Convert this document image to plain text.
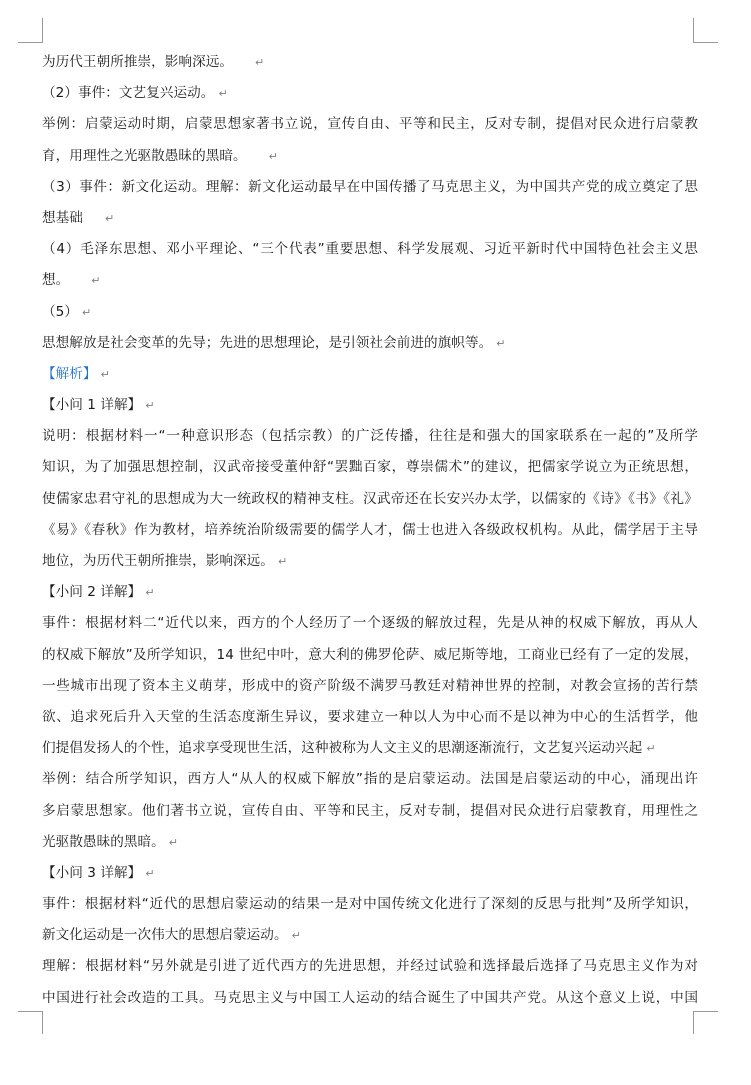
为历代王朝所推崇，影响深远。 ↵
（2）事件：文艺复兴运动。 ↵
举例：启蒙运动时期，启蒙思想家著书立说，宣传自由、平等和民主，反对专制，提倡对民众进行启蒙教
育，用理性之光驱散愚昧的黑暗。 ↵
（3）事件：新文化运动。理解：新文化运动最早在中国传播了马克思主义，为中国共产党的成立奠定了思
想基础 ↵
（4）毛泽东思想、邓小平理论、“三个代表”重要思想、科学发展观、习近平新时代中国特色社会主义思
想。 ↵
（5） ↵
思想解放是社会变革的先导；先进的思想理论，是引领社会前进的旗帜等。 ↵
【解析】 ↵
【小问 1 详解】 ↵
说明：根据材料一“一种意识形态（包括宗教）的广泛传播，往往是和强大的国家联系在一起的”及所学
知识，为了加强思想控制，汉武帝接受董仲舒“罢黜百家，尊崇儒术”的建议，把儒家学说立为正统思想，
使儒家忠君守礼的思想成为大一统政权的精神支柱。汉武帝还在长安兴办太学，以儒家的《诗》《书》《礼》
《易》《春秋》作为教材，培养统治阶级需要的儒学人才，儒士也进入各级政权机构。从此，儒学居于主导
地位，为历代王朝所推崇，影响深远。 ↵
【小问 2 详解】 ↵
事件：根据材料二“近代以来，西方的个人经历了一个逐级的解放过程，先是从神的权威下解放，再从人
的权威下解放”及所学知识，14 世纪中叶，意大利的佛罗伦萨、威尼斯等地，工商业已经有了一定的发展，
一些城市出现了资本主义萌芽，形成中的资产阶级不满罗马教廷对精神世界的控制，对教会宣扬的苦行禁
欲、追求死后升入天堂的生活态度渐生异议，要求建立一种以人为中心而不是以神为中心的生活哲学，他
们提倡发扬人的个性，追求享受现世生活，这种被称为人文主义的思潮逐渐流行，文艺复兴运动兴起 ↵
举例：结合所学知识，西方人“从人的权威下解放”指的是启蒙运动。法国是启蒙运动的中心，涌现出许
多启蒙思想家。他们著书立说，宣传自由、平等和民主，反对专制，提倡对民众进行启蒙教育，用理性之
光驱散愚昧的黑暗。 ↵
【小问 3 详解】 ↵
事件：根据材料“近代的思想启蒙运动的结果一是对中国传统文化进行了深刻的反思与批判”及所学知识，
新文化运动是一次伟大的思想启蒙运动。 ↵
理解：根据材料“另外就是引进了近代西方的先进思想，并经过试验和选择最后选择了马克思主义作为对
中国进行社会改造的工具。马克思主义与中国工人运动的结合诞生了中国共产党。从这个意义上说，中国
